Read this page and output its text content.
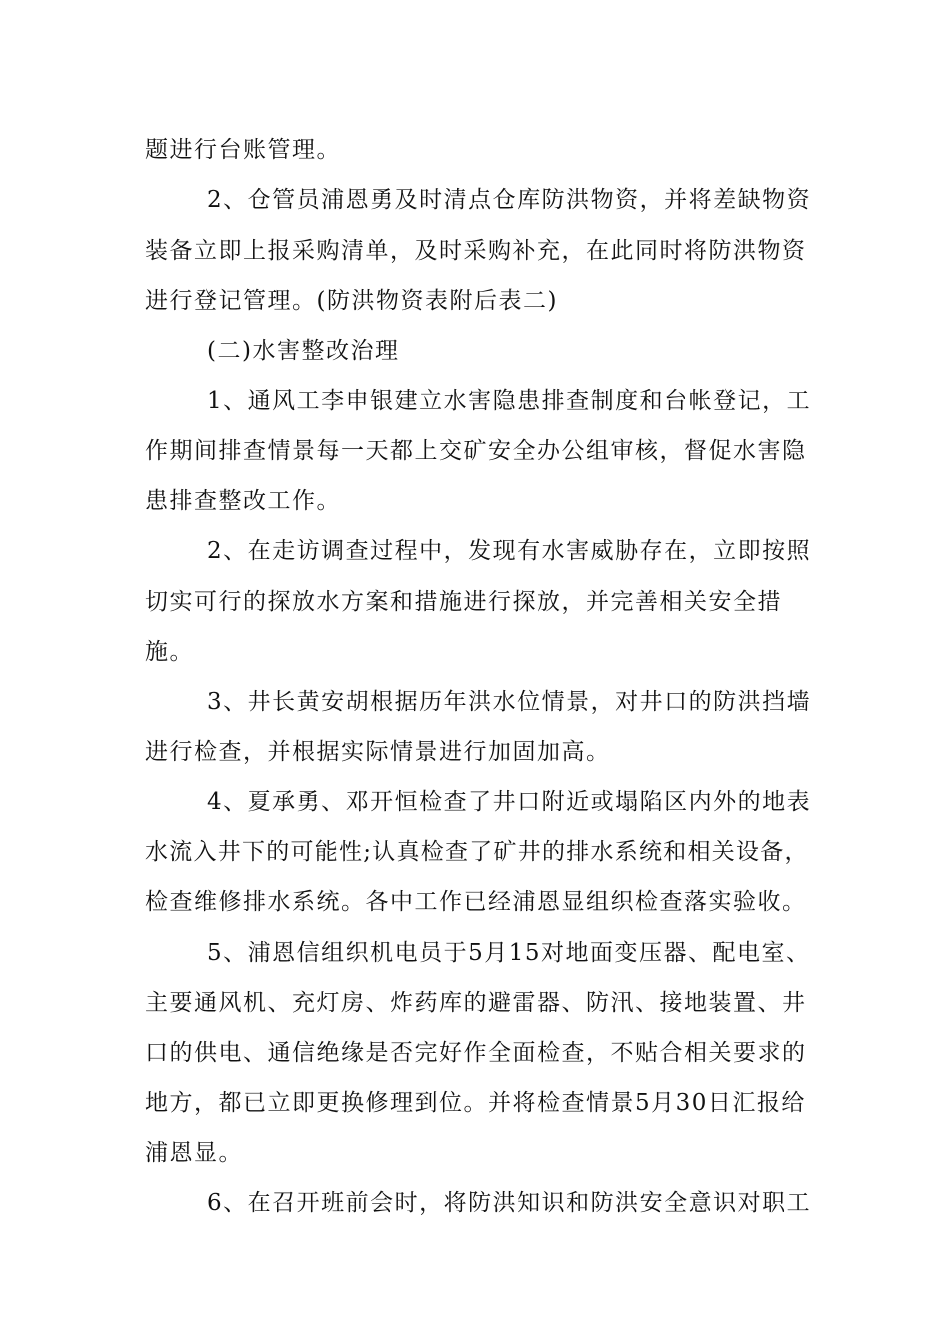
题进行台账管理。

2、仓管员浦恩勇及时清点仓库防洪物资，并将差缺物资

装备立即上报采购清单，及时采购补充，在此同时将防洪物资

进行登记管理。(防洪物资表附后表二)

(二)水害整改治理

1、通风工李申银建立水害隐患排查制度和台帐登记，工

作期间排查情景每一天都上交矿安全办公组审核，督促水害隐

患排查整改工作。

2、在走访调查过程中，发现有水害威胁存在，立即按照

切实可行的探放水方案和措施进行探放，并完善相关安全措

施。

3、井长黄安胡根据历年洪水位情景，对井口的防洪挡墙

进行检查，并根据实际情景进行加固加高。

4、夏承勇、邓开恒检查了井口附近或塌陷区内外的地表

水流入井下的可能性;认真检查了矿井的排水系统和相关设备，

检查维修排水系统。各中工作已经浦恩显组织检查落实验收。

5、浦恩信组织机电员于5月15对地面变压器、配电室、

主要通风机、充灯房、炸药库的避雷器、防汛、接地装置、井

口的供电、通信绝缘是否完好作全面检查，不贴合相关要求的

地方，都已立即更换修理到位。并将检查情景5月30日汇报给

浦恩显。

6、在召开班前会时，将防洪知识和防洪安全意识对职工
